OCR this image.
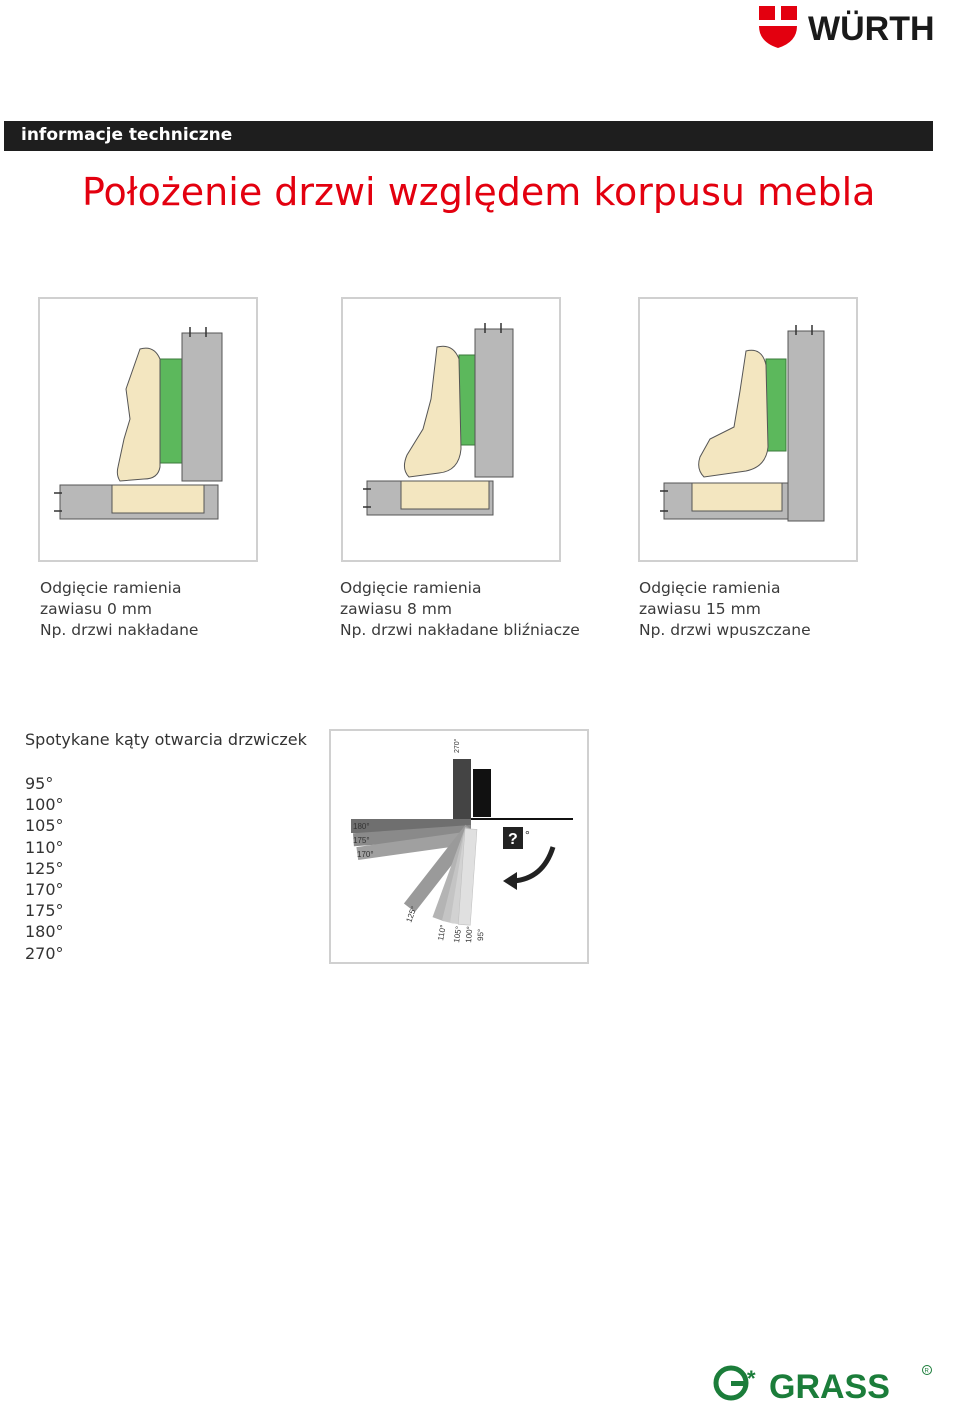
WÜRTH
informacje techniczne
Położenie drzwi względem korpusu mebla
Odgięcie ramienia
zawiasu 0 mm
Np. drzwi nakładane
Odgięcie ramienia
zawiasu 8 mm
Np. drzwi nakładane bliźniacze
Odgięcie ramienia
zawiasu 15 mm
Np. drzwi wpuszczane
Spotykane kąty otwarcia drzwiczek
95°
100°
105°
110°
125°
170°
175°
180°
270°
? °
270°
180°
175°
170°
125°
110° 105° 100° 95°
* GRASS	R
